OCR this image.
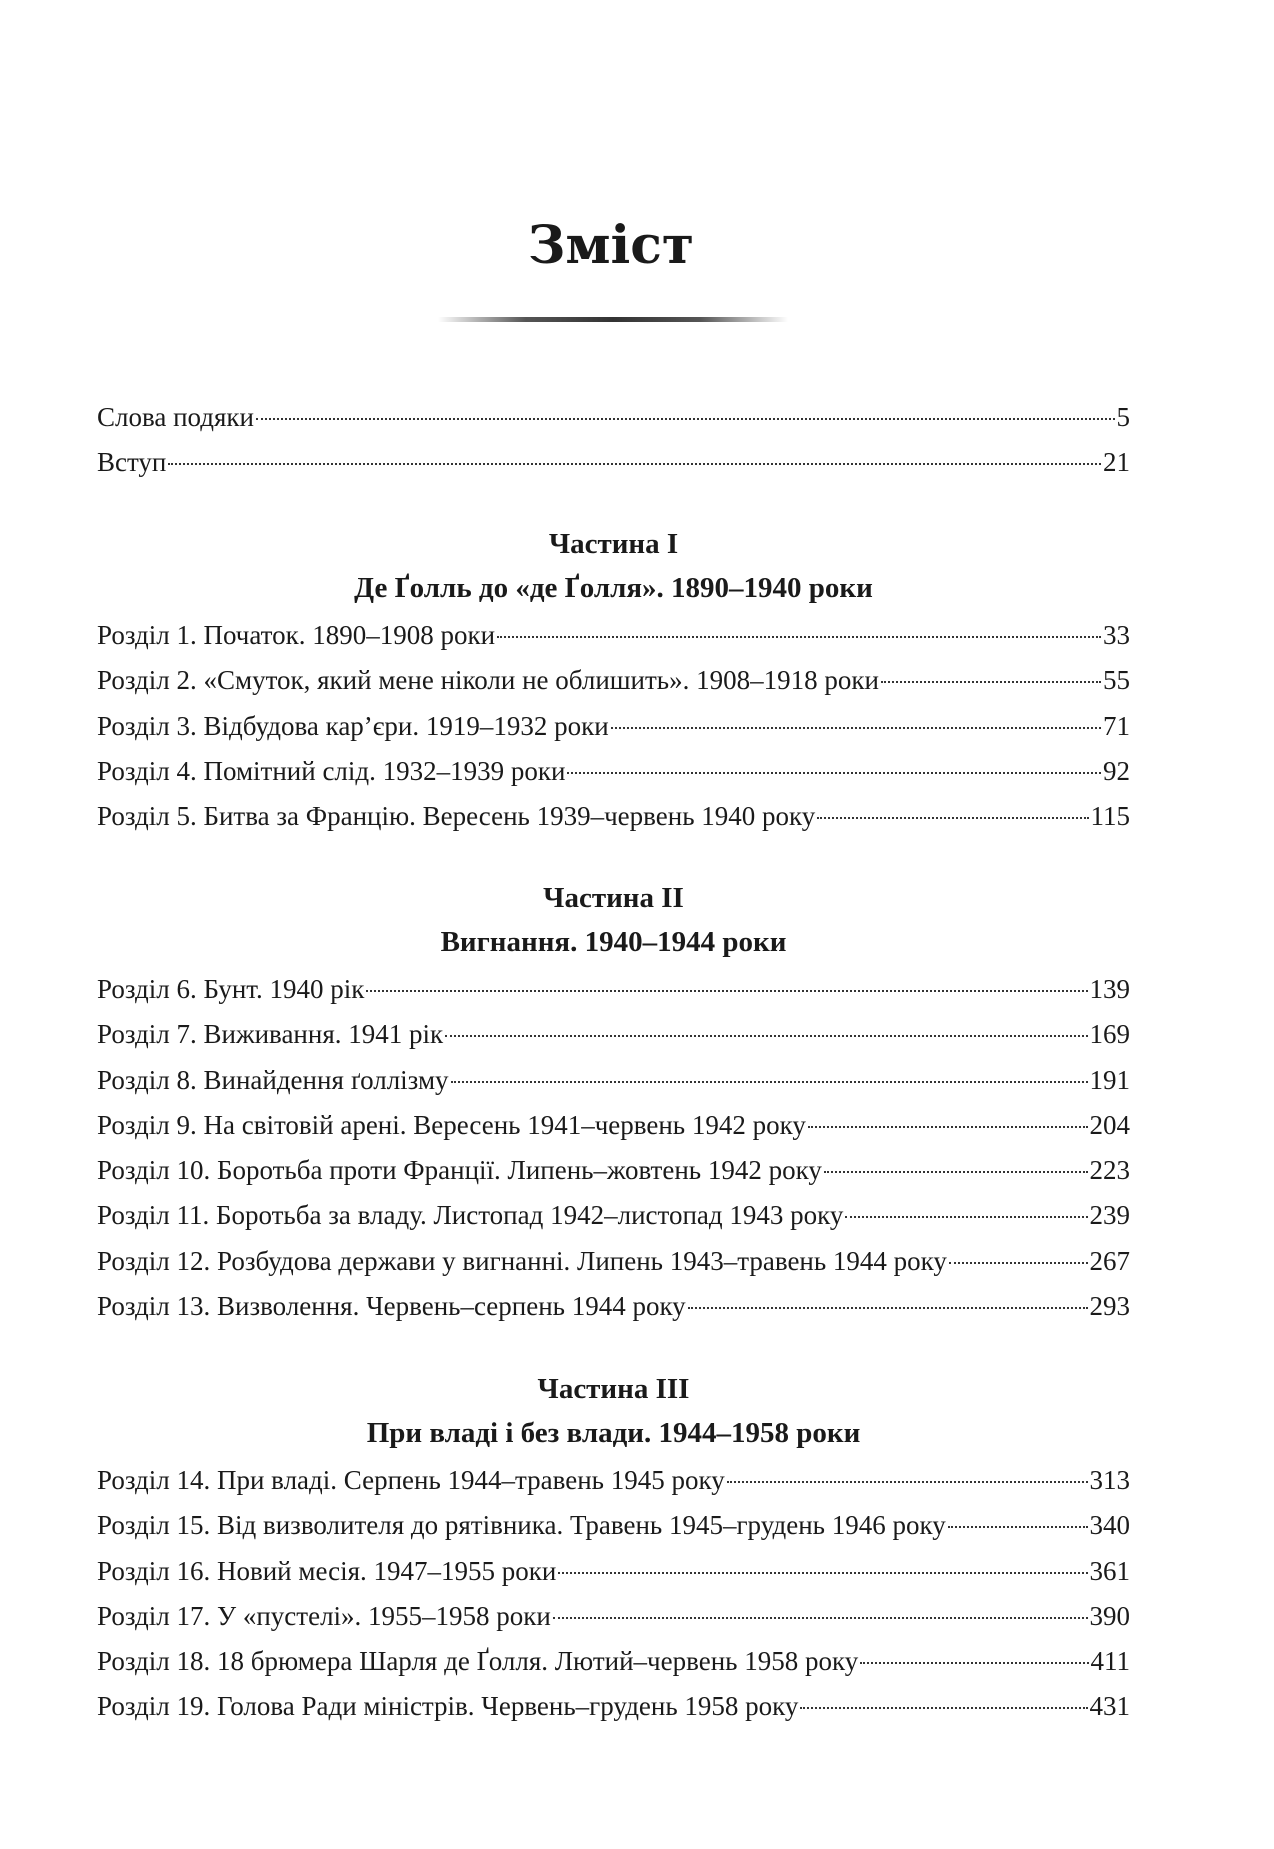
Зміст
Слова подяки	5
Вступ	21
Частина I
Де Ґолль до «де Ґолля». 1890–1940 роки
Розділ 1. Початок. 1890–1908 роки	33
Розділ 2. «Смуток, який мене ніколи не облишить». 1908–1918 роки	55
Розділ 3. Відбудова кар’єри. 1919–1932 роки	71
Розділ 4. Помітний слід. 1932–1939 роки	92
Розділ 5. Битва за Францію. Вересень 1939–червень 1940 року	115
Частина II
Вигнання. 1940–1944 роки
Розділ 6. Бунт. 1940 рік	139
Розділ 7. Виживання. 1941 рік	169
Розділ 8. Винайдення ґоллізму	191
Розділ 9. На світовій арені. Вересень 1941–червень 1942 року	204
Розділ 10. Боротьба проти Франції. Липень–жовтень 1942 року	223
Розділ 11. Боротьба за владу. Листопад 1942–листопад 1943 року	239
Розділ 12. Розбудова держави у вигнанні. Липень 1943–травень 1944 року	267
Розділ 13. Визволення. Червень–серпень 1944 року	293
Частина III
При владі і без влади. 1944–1958 роки
Розділ 14. При владі. Серпень 1944–травень 1945 року	313
Розділ 15. Від визволителя до рятівника. Травень 1945–грудень 1946 року	340
Розділ 16. Новий месія. 1947–1955 роки	361
Розділ 17. У «пустелі». 1955–1958 роки	390
Розділ 18. 18 брюмера Шарля де Ґолля. Лютий–червень 1958 року	411
Розділ 19. Голова Ради міністрів. Червень–грудень 1958 року	431
